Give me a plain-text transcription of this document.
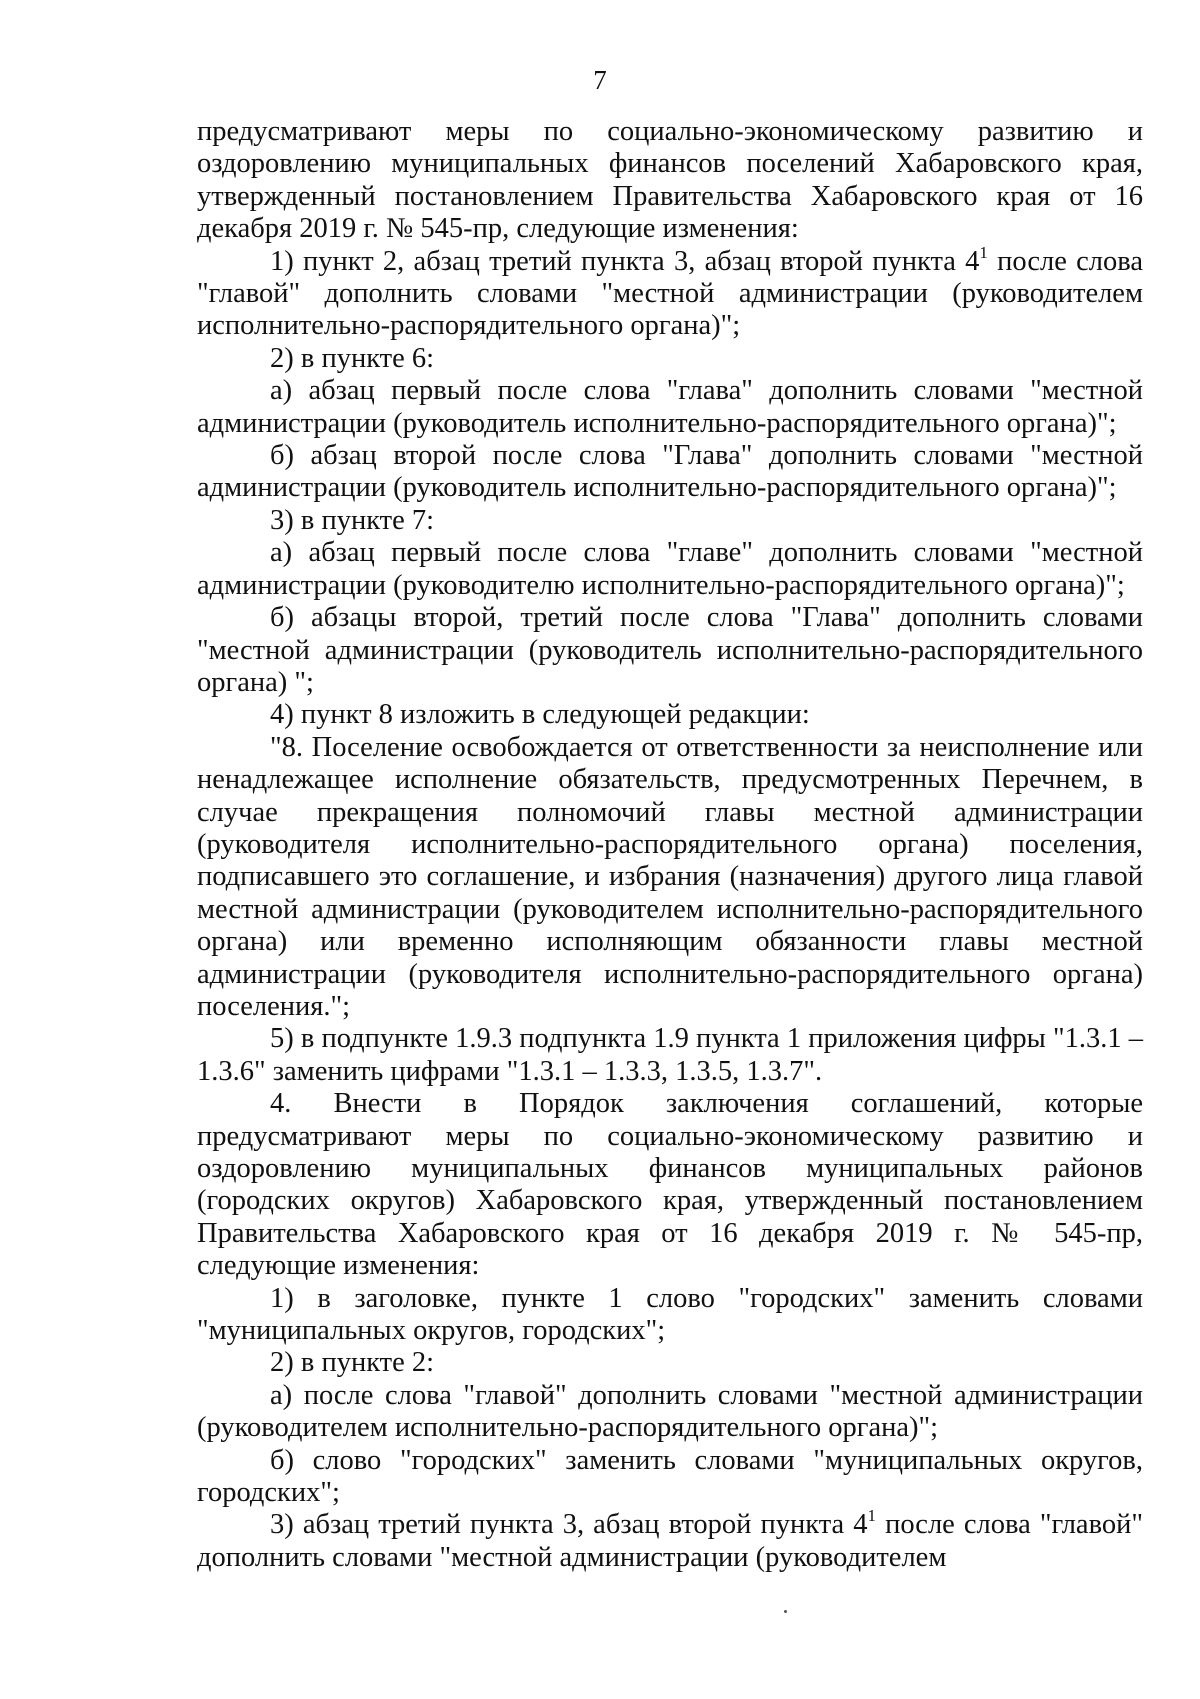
7

предусматривают меры по социально-экономическому развитию и оздоровлению муниципальных финансов поселений Хабаровского края, утвержденный постановлением Правительства Хабаровского края от 16 декабря 2019 г. № 545-пр, следующие изменения:

1) пункт 2, абзац третий пункта 3, абзац второй пункта $4^1$ после слова "главой" дополнить словами "местной администрации (руководителем исполнительно-распорядительного органа)";

2) в пункте 6:

а) абзац первый после слова "глава" дополнить словами "местной администрации (руководитель исполнительно-распорядительного органа)";

б) абзац второй после слова "Глава" дополнить словами "местной администрации (руководитель исполнительно-распорядительного органа)";

3) в пункте 7:

а) абзац первый после слова "главе" дополнить словами "местной администрации (руководителю исполнительно-распорядительного органа)";

б) абзацы второй, третий после слова "Глава" дополнить словами "местной администрации (руководитель исполнительно-распорядительного органа) ";

4) пункт 8 изложить в следующей редакции:

"8. Поселение освобождается от ответственности за неисполнение или ненадлежащее исполнение обязательств, предусмотренных Перечнем, в случае прекращения полномочий главы местной администрации (руководителя исполнительно-распорядительного органа) поселения, подписавшего это соглашение, и избрания (назначения) другого лица главой местной администрации (руководителем исполнительно-распорядительного органа) или временно исполняющим обязанности главы местной администрации (руководителя исполнительно-распорядительного органа) поселения.";

5) в подпункте 1.9.3 подпункта 1.9 пункта 1 приложения цифры "1.3.1 – 1.3.6" заменить цифрами "1.3.1 – 1.3.3, 1.3.5, 1.3.7".

4. Внести в Порядок заключения соглашений, которые предусматривают меры по социально-экономическому развитию и оздоровлению муниципальных финансов муниципальных районов (городских округов) Хабаровского края, утвержденный постановлением Правительства Хабаровского края от 16 декабря 2019 г. № 545-пр, следующие изменения:

1) в заголовке, пункте 1 слово "городских" заменить словами "муниципальных округов, городских";

2) в пункте 2:

а) после слова "главой" дополнить словами "местной администрации (руководителем исполнительно-распорядительного органа)";

б) слово "городских" заменить словами "муниципальных округов, городских";

3) абзац третий пункта 3, абзац второй пункта $4^1$ после слова "главой" дополнить словами "местной администрации (руководителем
